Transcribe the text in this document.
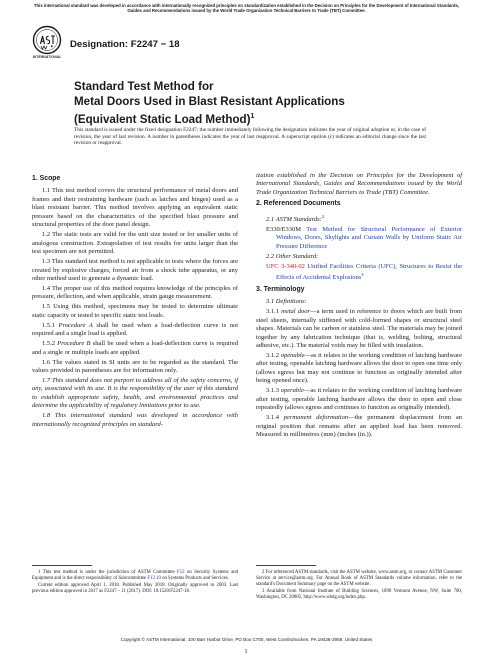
This international standard was developed in accordance with internationally recognized principles on standardization established in the Decision on Principles for the Development of International Standards, Guides and Recommendations issued by the World Trade Organization Technical Barriers to Trade (TBT) Committee.
INTERNATIONAL
Designation: F2247 − 18
Standard Test Method for
Metal Doors Used in Blast Resistant Applications
(Equivalent Static Load Method)$^1$
This standard is issued under the fixed designation F2247; the number immediately following the designation indicates the year of original adoption or, in the case of revision, the year of last revision. A number in parentheses indicates the year of last reapproval. A superscript epsilon (ε) indicates an editorial change since the last revision or reapproval.
1. Scope

1.1 This test method covers the structural performance of metal doors and frames and their restraining hardware (such as latches and hinges) used as a blast resistant barrier. This method involves applying an equivalent static pressure based on the characteristics of the specified blast pressure and structural properties of the door panel design.

1.2 The static tests are valid for the unit size tested or for smaller units of analogous construction. Extrapolation of test results for units larger than the test specimen are not permitted.

1.3 This standard test method is not applicable to tests where the forces are created by explosive charges, forced air from a shock tube apparatus, or any other method used to generate a dynamic load.

1.4 The proper use of this method requires knowledge of the principles of pressure, deflection, and when applicable, strain gauge measurement.

1.5 Using this method, specimens may be tested to determine ultimate static capacity or tested to specific static test loads.

1.5.1 Procedure A shall be used when a load-deflection curve is not required and a single load is applied.

1.5.2 Procedure B shall be used when a load-deflection curve is required and a single or multiple loads are applied.

1.6 The values stated in SI units are to be regarded as the standard. The values provided in parentheses are for information only.

1.7 This standard does not purport to address all of the safety concerns, if any, associated with its use. It is the responsibility of the user of this standard to establish appropriate safety, health, and environmental practices and determine the applicability of regulatory limitations prior to use.

1.8 This international standard was developed in accordance with internationally recognized principles on standard-

1 This test method is under the jurisdiction of ASTM Committee F12 on Security Systems and Equipment and is the direct responsibility of Subcommittee F12.10 on Systems Products and Services.

Current edition approved April 1, 2018. Published May 2018. Originally approved in 2003. Last previous edition approved in 2017 as F2247 – 11 (2017). DOI: 10.1520/F2247-18.

ization established in the Decision on Principles for the Development of International Standards, Guides and Recommendations issued by the World Trade Organization Technical Barriers to Trade (TBT) Committee.

2. Referenced Documents

2.1 ASTM Standards:$^2$

E330/E330M Test Method for Structural Performance of Exterior Windows, Doors, Skylights and Curtain Walls by Uniform Static Air Pressure Difference

2.2 Other Standard:

UFC 3-340-02 Unified Facilities Criteria (UFC), Structures to Resist the Effects of Accidental Explosions$^3$

3. Terminology

3.1 Definitions:

3.1.1 metal door—a term used in reference to doors which are built from steel sheets, internally stiffened with cold-formed shapes or structural steel shapes. Materials can be carbon or stainless steel. The materials may be joined together by any fabrication technique (that is, welding, bolting, structural adhesive, etc.). The material voids may be filled with insulation.

3.1.2 openable—as it relates to the working condition of latching hardware after testing, openable latching hardware allows the door to open one time only (allows egress but may not continue to function as originally intended after being opened once).

3.1.3 operable—as it relates to the working condition of latching hardware after testing, operable latching hardware allows the door to open and close repeatedly (allows egress and continues to function as originally intended).

3.1.4 permanent deformation—the permanent displacement from an original position that remains after an applied load has been removed. Measured in millimetres (mm) (inches (in.)).

2 For referenced ASTM standards, visit the ASTM website, www.astm.org, or contact ASTM Customer Service at service@astm.org. For Annual Book of ASTM Standards volume information, refer to the standard's Document Summary page on the ASTM website.

3 Available from National Institute of Building Sciences, 1090 Vermont Avenue, NW, Suite 700, Washington, DC 20005, http://www.wbdg.org/index.php.

Copyright © ASTM International, 100 Barr Harbor Drive, PO Box C700, West Conshohocken, PA 19428-2959. United States
1
